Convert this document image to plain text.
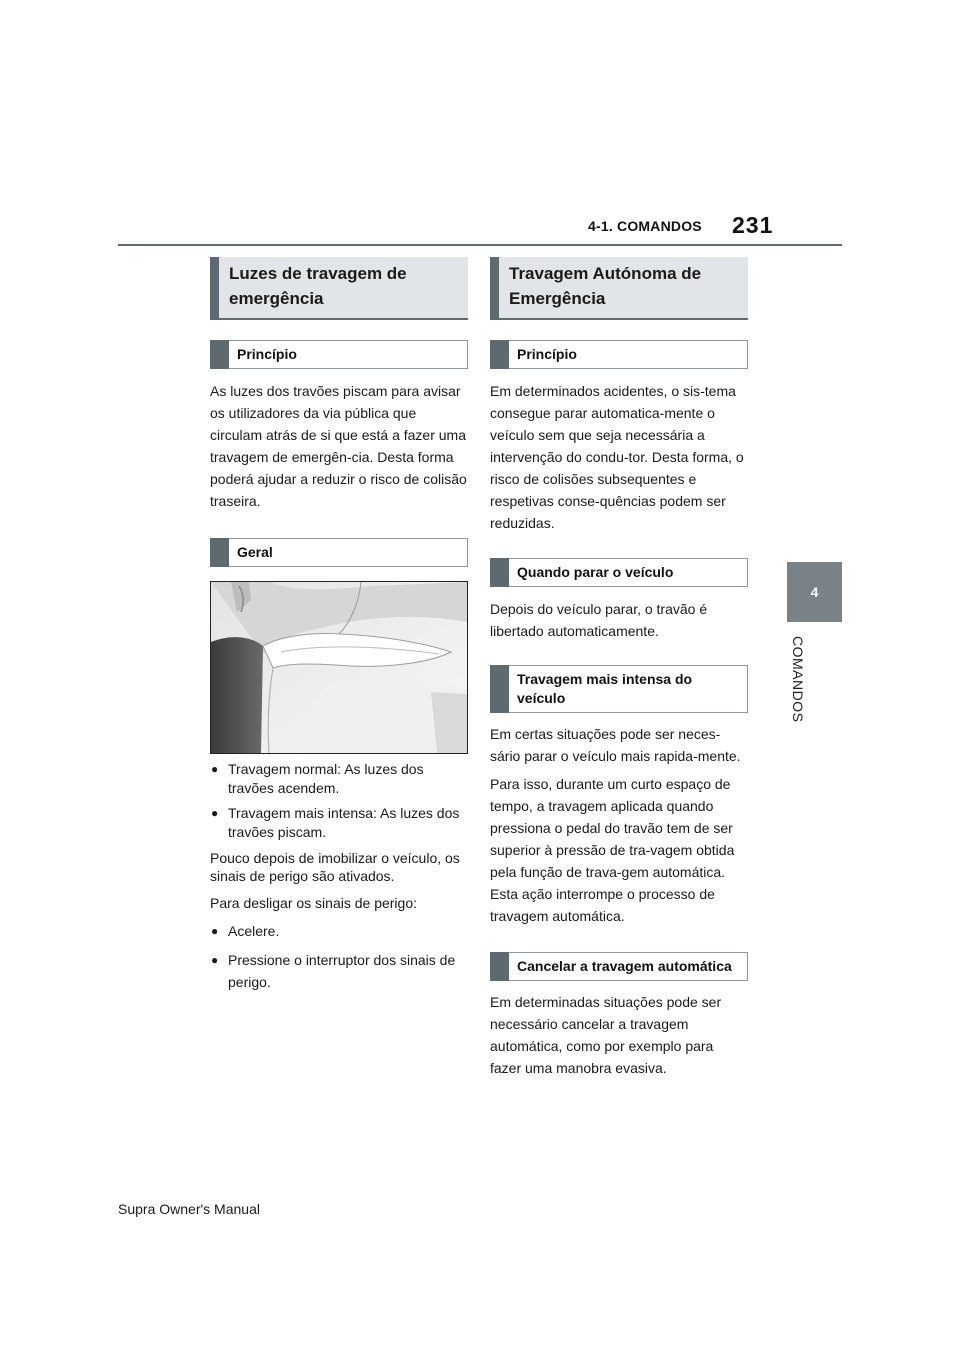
4-1. COMANDOS 231
4
COMANDOS
Luzes de travagem de emergência
Princípio

As luzes dos travões piscam para avisar os utilizadores da via pública que circulam atrás de si que está a fazer uma travagem de emergên-cia. Desta forma poderá ajudar a reduzir o risco de colisão traseira.

Geral
● Travagem normal: As luzes dos travões acendem.
● Travagem mais intensa: As luzes dos travões piscam.

Pouco depois de imobilizar o veículo, os sinais de perigo são ativados.

Para desligar os sinais de perigo:

● Acelere.
● Pressione o interruptor dos sinais de perigo.
Travagem Autónoma de Emergência
Princípio

Em determinados acidentes, o sis-tema consegue parar automatica-mente o veículo sem que seja necessária a intervenção do condu-tor. Desta forma, o risco de colisões subsequentes e respetivas conse-quências podem ser reduzidas.

Quando parar o veículo

Depois do veículo parar, o travão é libertado automaticamente.

Travagem mais intensa do veículo

Em certas situações pode ser neces-sário parar o veículo mais rapida-mente.

Para isso, durante um curto espaço de tempo, a travagem aplicada quando pressiona o pedal do travão tem de ser superior à pressão de tra-vagem obtida pela função de trava-gem automática. Esta ação interrompe o processo de travagem automática.

Cancelar a travagem automática

Em determinadas situações pode ser necessário cancelar a travagem automática, como por exemplo para fazer uma manobra evasiva.

Supra Owner's Manual
